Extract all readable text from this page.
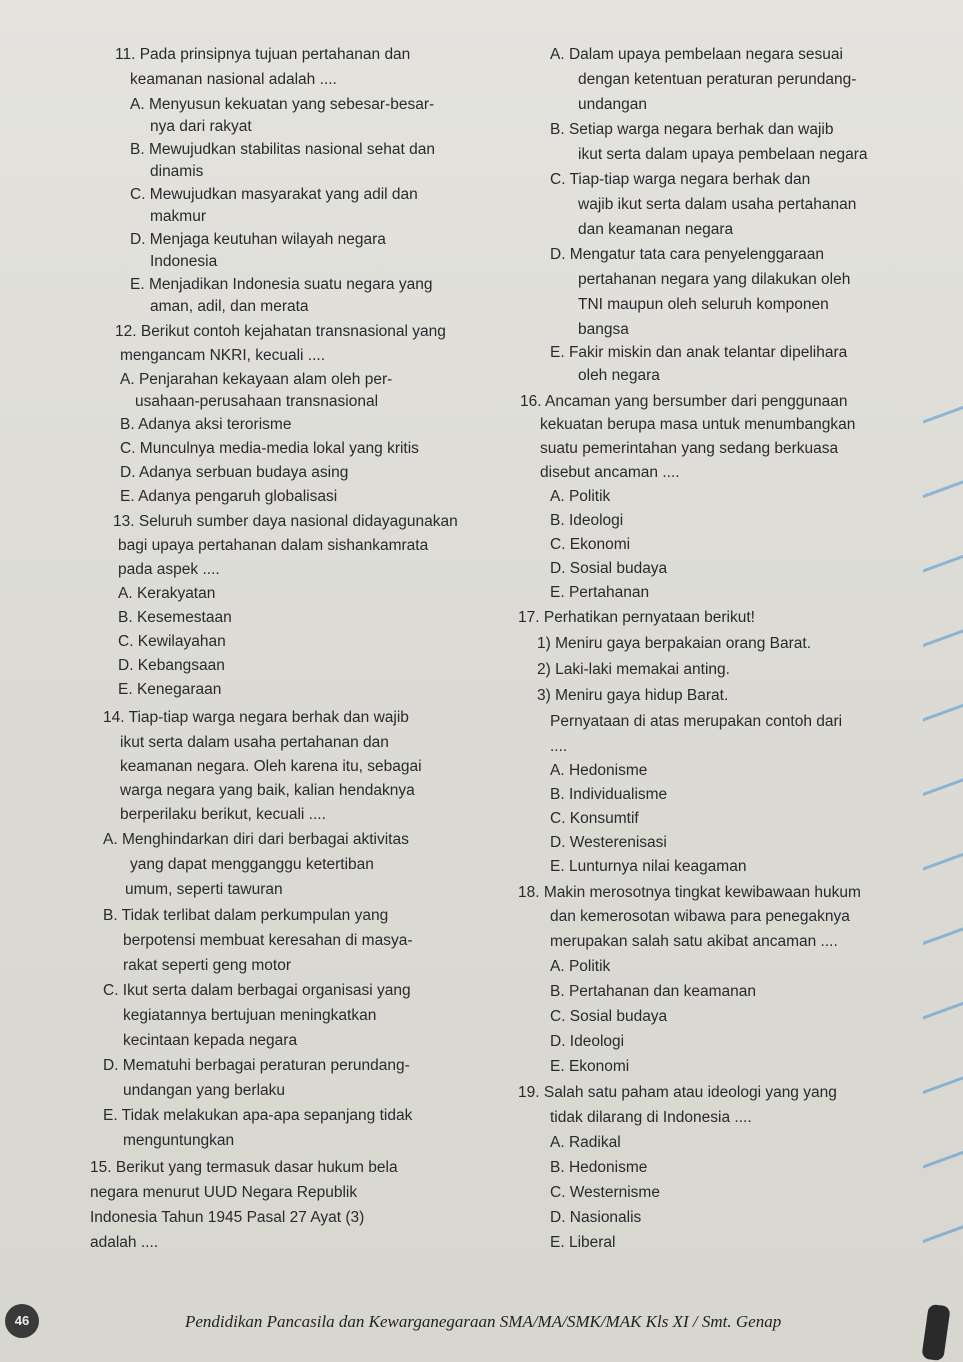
11. Pada prinsipnya tujuan pertahanan dan
keamanan nasional adalah ....
A. Menyusun kekuatan yang sebesar-besar-
nya dari rakyat
B. Mewujudkan stabilitas nasional sehat dan
dinamis
C. Mewujudkan masyarakat yang adil dan
makmur
D. Menjaga keutuhan wilayah negara
Indonesia
E. Menjadikan Indonesia suatu negara yang
aman, adil, dan merata
12. Berikut contoh kejahatan transnasional yang
mengancam NKRI, kecuali ....
A. Penjarahan kekayaan alam oleh per-
usahaan-perusahaan transnasional
B. Adanya aksi terorisme
C. Munculnya media-media lokal yang kritis
D. Adanya serbuan budaya asing
E. Adanya pengaruh globalisasi
13. Seluruh sumber daya nasional didayagunakan
bagi upaya pertahanan dalam sishankamrata
pada aspek ....
A. Kerakyatan
B. Kesemestaan
C. Kewilayahan
D. Kebangsaan
E. Kenegaraan
14. Tiap-tiap warga negara berhak dan wajib
ikut serta dalam usaha pertahanan dan
keamanan negara. Oleh karena itu, sebagai
warga negara yang baik, kalian hendaknya
berperilaku berikut, kecuali ....
A. Menghindarkan diri dari berbagai aktivitas
yang dapat mengganggu ketertiban
umum, seperti tawuran
B. Tidak terlibat dalam perkumpulan yang
berpotensi membuat keresahan di masya-
rakat seperti geng motor
C. Ikut serta dalam berbagai organisasi yang
kegiatannya bertujuan meningkatkan
kecintaan kepada negara
D. Mematuhi berbagai peraturan perundang-
undangan yang berlaku
E. Tidak melakukan apa-apa sepanjang tidak
menguntungkan
15. Berikut yang termasuk dasar hukum bela
negara menurut UUD Negara Republik
Indonesia Tahun 1945 Pasal 27 Ayat (3)
adalah ....
A. Dalam upaya pembelaan negara sesuai
dengan ketentuan peraturan perundang-
undangan
B. Setiap warga negara berhak dan wajib
ikut serta dalam upaya pembelaan negara
C. Tiap-tiap warga negara berhak dan
wajib ikut serta dalam usaha pertahanan
dan keamanan negara
D. Mengatur tata cara penyelenggaraan
pertahanan negara yang dilakukan oleh
TNI maupun oleh seluruh komponen
bangsa
E. Fakir miskin dan anak telantar dipelihara
oleh negara
16. Ancaman yang bersumber dari penggunaan
kekuatan berupa masa untuk menumbangkan
suatu pemerintahan yang sedang berkuasa
disebut ancaman ....
A. Politik
B. Ideologi
C. Ekonomi
D. Sosial budaya
E. Pertahanan
17. Perhatikan pernyataan berikut!
1) Meniru gaya berpakaian orang Barat.
2) Laki-laki memakai anting.
3) Meniru gaya hidup Barat.
Pernyataan di atas merupakan contoh dari
....
A. Hedonisme
B. Individualisme
C. Konsumtif
D. Westerenisasi
E. Lunturnya nilai keagaman
18. Makin merosotnya tingkat kewibawaan hukum
dan kemerosotan wibawa para penegaknya
merupakan salah satu akibat ancaman ....
A. Politik
B. Pertahanan dan keamanan
C. Sosial budaya
D. Ideologi
E. Ekonomi
19. Salah satu paham atau ideologi yang yang
tidak dilarang di Indonesia ....
A. Radikal
B. Hedonisme
C. Westernisme
D. Nasionalis
E. Liberal
46	Pendidikan Pancasila dan Kewarganegaraan SMA/MA/SMK/MAK Kls XI / Smt. Genap
